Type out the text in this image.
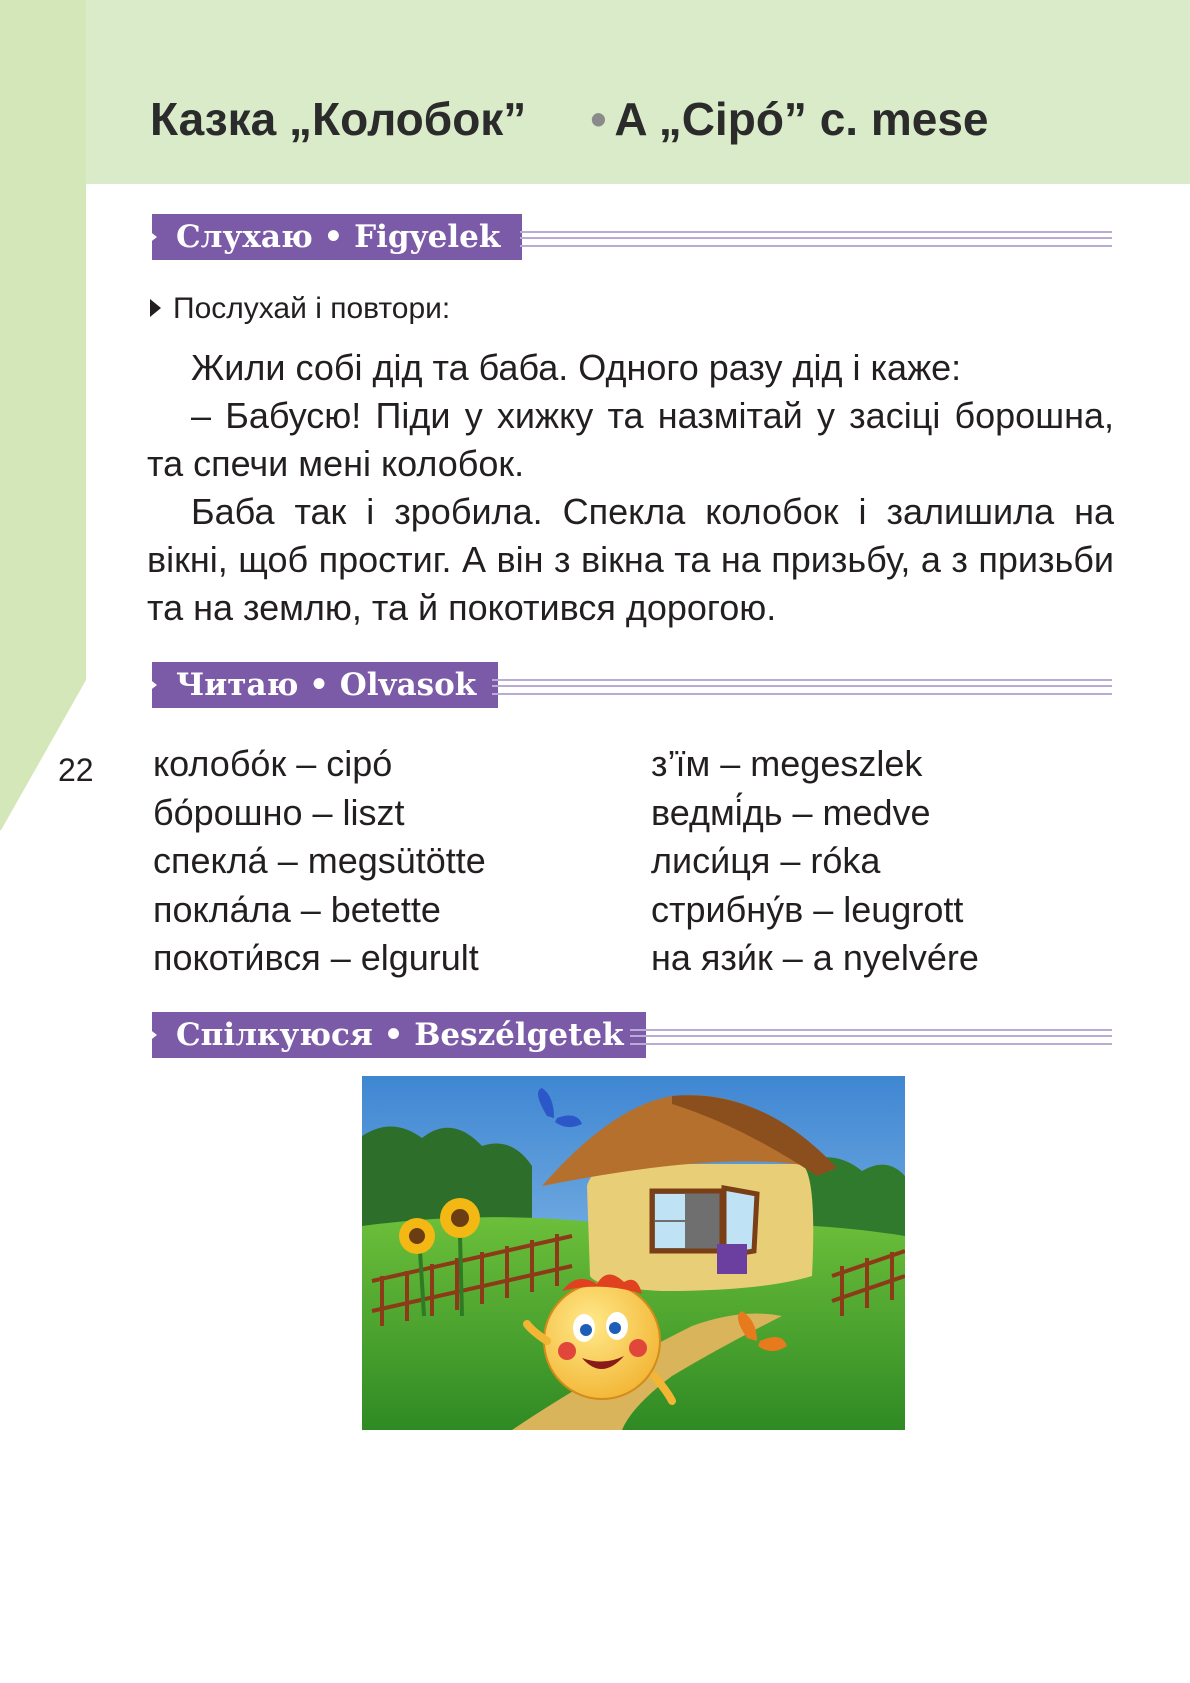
Казка „Колобок” • A „Cipó” c. mese
Слухаю • Figyelek
Послухай і повтори:

Жили собі дід та баба. Одного разу дід і каже:

– Бабусю! Піди у хижку та назмітай у засіці борошна, та спечи мені колобок.

Баба так і зробила. Спекла колобок і залишила на вікні, щоб простиг. А він з вікна та на призьбу, а з призьби та на землю, та й покотився дорогою.

Читаю • Olvasok
22 колобо́к – cipó
бо́рошно – liszt
спекла́ – megsütötte
покла́ла – betette
покоти́вся – elgurult
з’їм – megeszlek
ведмі́дь – medve
лиси́ця – róka
стрибну́в – leugrott
на язи́к – a nyelvére
Спілкуюся • Beszélgetek
